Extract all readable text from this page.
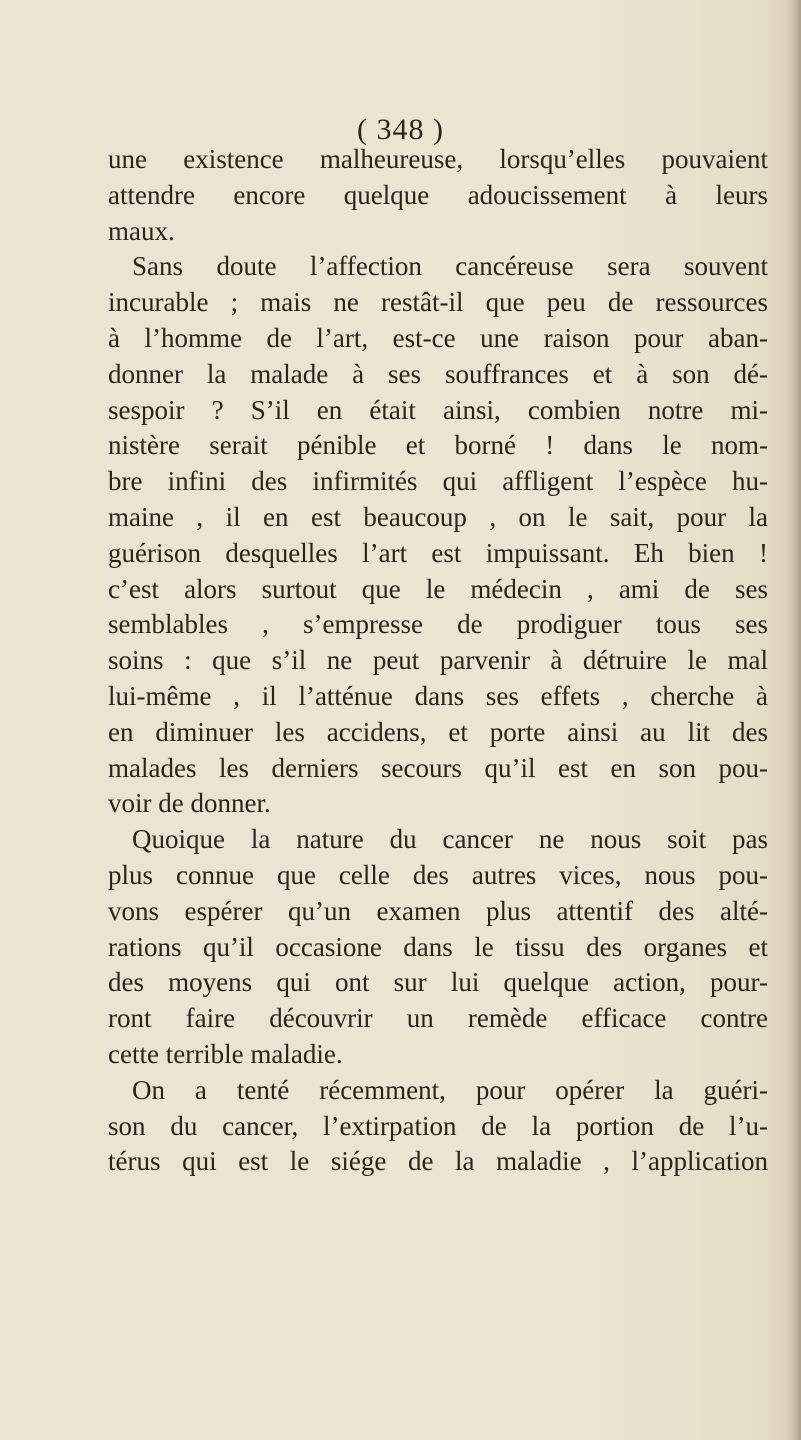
( 348 )
une existence malheureuse, lorsqu’elles pouvaient
attendre encore quelque adoucissement à leurs
maux.
Sans doute l’affection cancéreuse sera souvent
incurable ; mais ne restât-il que peu de ressources
à l’homme de l’art, est-ce une raison pour aban-
donner la malade à ses souffrances et à son dé-
sespoir ? S’il en était ainsi, combien notre mi-
nistère serait pénible et borné ! dans le nom-
bre infini des infirmités qui affligent l’espèce hu-
maine , il en est beaucoup , on le sait, pour la
guérison desquelles l’art est impuissant. Eh bien !
c’est alors surtout que le médecin , ami de ses
semblables , s’empresse de prodiguer tous ses
soins : que s’il ne peut parvenir à détruire le mal
lui-même , il l’atténue dans ses effets , cherche à
en diminuer les accidens, et porte ainsi au lit des
malades les derniers secours qu’il est en son pou-
voir de donner.
Quoique la nature du cancer ne nous soit pas
plus connue que celle des autres vices, nous pou-
vons espérer qu’un examen plus attentif des alté-
rations qu’il occasione dans le tissu des organes et
des moyens qui ont sur lui quelque action, pour-
ront faire découvrir un remède efficace contre
cette terrible maladie.
On a tenté récemment, pour opérer la guéri-
son du cancer, l’extirpation de la portion de l’u-
térus qui est le siége de la maladie , l’application
